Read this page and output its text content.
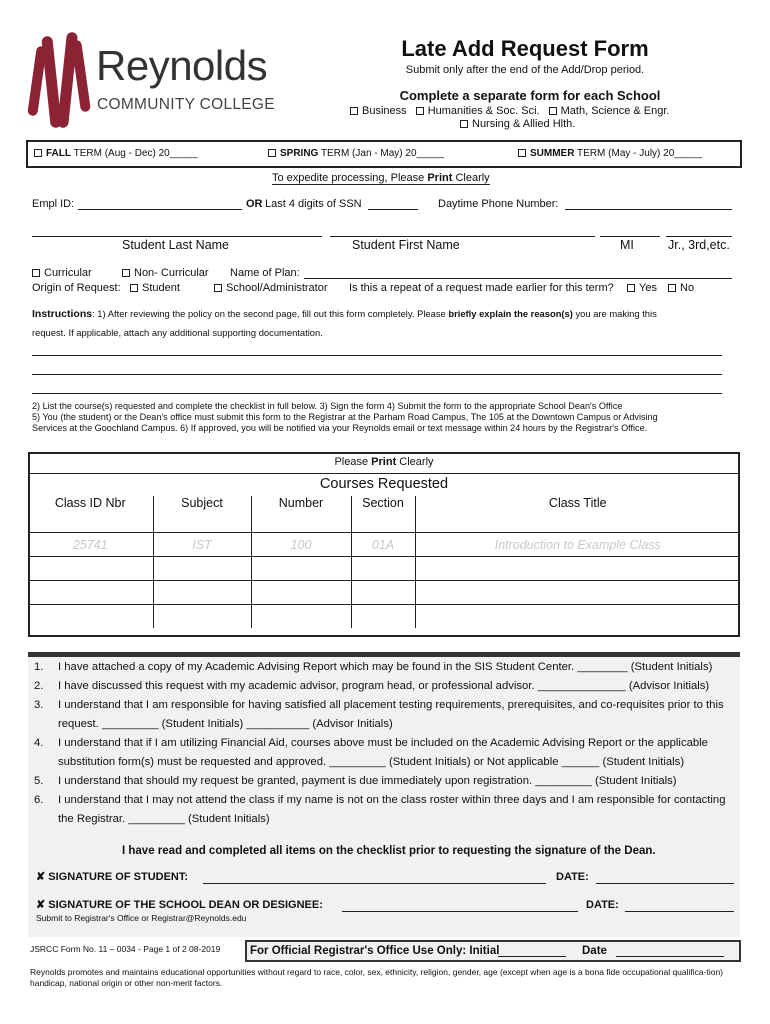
Reynolds
COMMUNITY COLLEGE
Late Add Request Form
Submit only after the end of the Add/Drop period.
Complete a separate form for each School
Business Humanities & Soc. Sci. Math, Science & Engr.
Nursing & Allied Hlth.
FALL TERM (Aug - Dec) 20_____	SPRING TERM (Jan - May) 20_____	SUMMER TERM (May - July) 20_____
To expedite processing, Please Print Clearly
Empl ID:	OR Last 4 digits of SSN	Daytime Phone Number:
Student Last Name	Student First Name	MI	Jr., 3rd,etc.
Curricular	Non- Curricular Name of Plan:
Origin of Request:	Student	School/Administrator Is this a repeat of a request made earlier for this term?	Yes	No
Instructions: 1) After reviewing the policy on the second page, fill out this form completely. Please briefly explain the reason(s) you are making this
request. If applicable, attach any additional supporting documentation.
2) List the course(s) requested and complete the checklist in full below. 3) Sign the form 4) Submit the form to the appropriate School Dean's Office
5) You (the student) or the Dean's office must submit this form to the Registrar at the Parham Road Campus, The 105 at the Downtown Campus or Advising
Services at the Goochland Campus. 6) If approved, you will be notified via your Reynolds email or text message within 24 hours by the Registrar's Office.
Please Print Clearly
Courses Requested
Class ID Nbr	Subject	Number	Section	Class Title
25741	IST	100	01A	Introduction to Example Class

1. I have attached a copy of my Academic Advising Report which may be found in the SIS Student Center. ________ (Student Initials)
2. I have discussed this request with my academic advisor, program head, or professional advisor. ______________ (Advisor Initials)
3. I understand that I am responsible for having satisfied all placement testing requirements, prerequisites, and co-requisites prior to this
request. _________ (Student Initials) __________ (Advisor Initials)
4. I understand that if I am utilizing Financial Aid, courses above must be included on the Academic Advising Report or the applicable
substitution form(s) must be requested and approved. _________ (Student Initials) or Not applicable ______ (Student Initials)
5. I understand that should my request be granted, payment is due immediately upon registration. _________ (Student Initials)
6. I understand that I may not attend the class if my name is not on the class roster within three days and I am responsible for contacting
the Registrar. _________ (Student Initials)
I have read and completed all items on the checklist prior to requesting the signature of the Dean.
✘ SIGNATURE OF STUDENT:	DATE:
✘ SIGNATURE OF THE SCHOOL DEAN OR DESIGNEE:	DATE:
Submit to Registrar's Office or Registrar@Reynolds.edu
JSRCC Form No. 11 – 0034 - Page 1 of 2 08-2019	For Official Registrar's Office Use Only: Initial	Date
Reynolds promotes and maintains educational opportunities without regard to race, color, sex, ethnicity, religion, gender, age (except when age is a bona fide occupational qualifica-tion) handicap, national origin or other non-merit factors.
